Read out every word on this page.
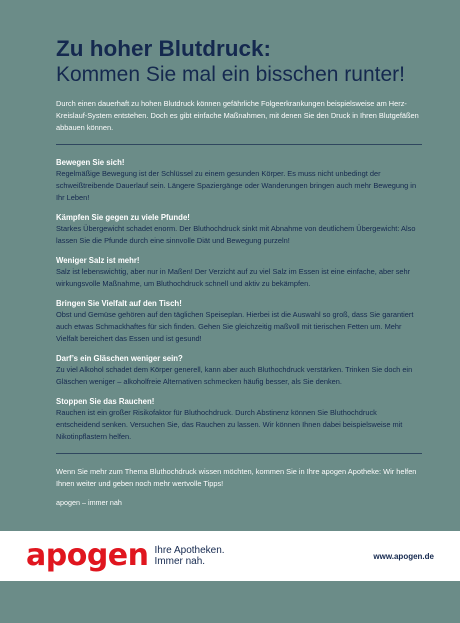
Zu hoher Blutdruck:
Kommen Sie mal ein bisschen runter!

Durch einen dauerhaft zu hohen Blutdruck können gefährliche Folgeerkrankungen beispielsweise am Herz-Kreislauf-System entstehen. Doch es gibt einfache Maßnahmen, mit denen Sie den Druck in Ihren Blutgefäßen abbauen können.

Bewegen Sie sich!

Regelmäßige Bewegung ist der Schlüssel zu einem gesunden Körper. Es muss nicht unbedingt der schweißtreibende Dauerlauf sein. Längere Spaziergänge oder Wanderungen bringen auch mehr Bewegung in Ihr Leben!

Kämpfen Sie gegen zu viele Pfunde!

Starkes Übergewicht schadet enorm. Der Bluthochdruck sinkt mit Abnahme von deutlichem Übergewicht: Also lassen Sie die Pfunde durch eine sinnvolle Diät und Bewegung purzeln!

Weniger Salz ist mehr!

Salz ist lebenswichtig, aber nur in Maßen! Der Verzicht auf zu viel Salz im Essen ist eine einfache, aber sehr wirkungsvolle Maßnahme, um Bluthochdruck schnell und aktiv zu bekämpfen.

Bringen Sie Vielfalt auf den Tisch!

Obst und Gemüse gehören auf den täglichen Speiseplan. Hierbei ist die Auswahl so groß, dass Sie garantiert auch etwas Schmackhaftes für sich finden. Gehen Sie gleichzeitig maßvoll mit tierischen Fetten um. Mehr Vielfalt bereichert das Essen und ist gesund!

Darf’s ein Gläschen weniger sein?

Zu viel Alkohol schadet dem Körper generell, kann aber auch Bluthochdruck verstärken. Trinken Sie doch ein Gläschen weniger – alkoholfreie Alternativen schmecken häufig besser, als Sie denken.

Stoppen Sie das Rauchen!

Rauchen ist ein großer Risikofaktor für Bluthochdruck. Durch Abstinenz können Sie Bluthochdruck entscheidend senken. Versuchen Sie, das Rauchen zu lassen. Wir können Ihnen dabei beispielsweise mit Nikotinpflastern helfen.

Wenn Sie mehr zum Thema Bluthochdruck wissen möchten, kommen Sie in Ihre apogen Apotheke: Wir helfen Ihnen weiter und geben noch mehr wertvolle Tipps!

apogen – immer nah

apogen Ihre Apotheken.
Immer nah.	www.apogen.de
